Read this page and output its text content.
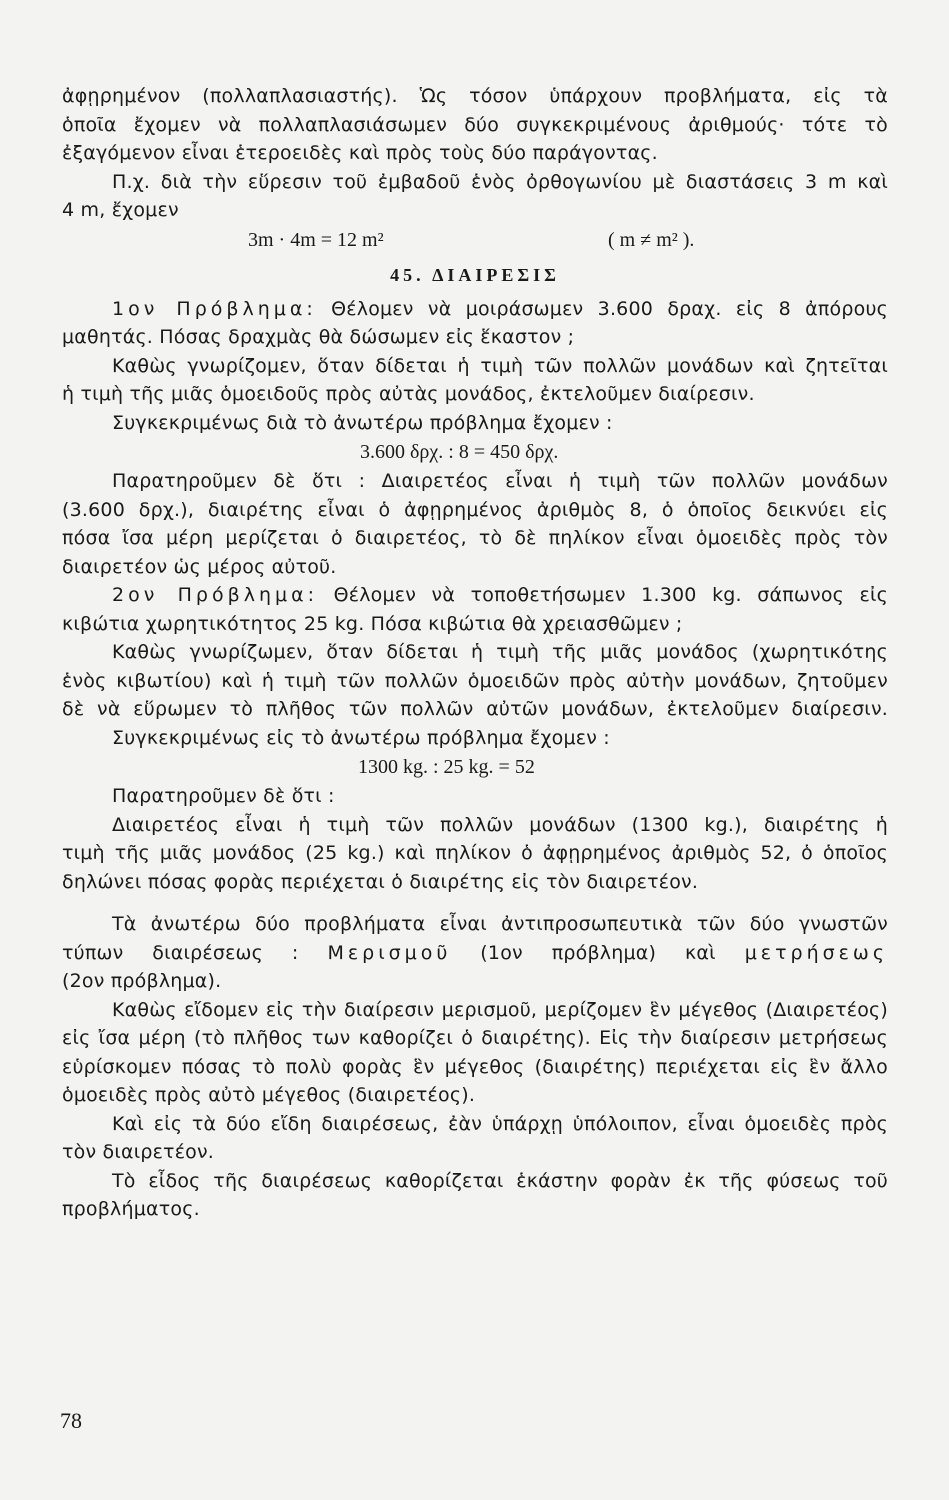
ἀφῃρημένον (πολλαπλασιαστής). Ὡς τόσον ὑπάρχουν προβλήματα, εἰς τὰ
ὁποῖα ἔχομεν νὰ πολλαπλασιάσωμεν δύο συγκεκριμένους ἀριθμούς· τότε τὸ
ἐξαγόμενον εἶναι ἑτεροειδὲς καὶ πρὸς τοὺς δύο παράγοντας.
Π.χ. διὰ τὴν εὕρεσιν τοῦ ἐμβαδοῦ ἑνὸς ὀρθογωνίου μὲ διαστάσεις 3 m καὶ
4 m, ἔχομεν
3m · 4m = 12 m²	( m ≠ m² ).
45. ΔΙΑΙΡΕΣΙΣ
1ον Πρόβλημα: Θέλομεν νὰ μοιράσωμεν 3.600 δραχ. εἰς 8 ἀπόρους
μαθητάς. Πόσας δραχμὰς θὰ δώσωμεν εἰς ἕκαστον ;
Καθὼς γνωρίζομεν, ὅταν δίδεται ἡ τιμὴ τῶν πολλῶν μονάδων καὶ ζητεῖται
ἡ τιμὴ τῆς μιᾶς ὁμοειδοῦς πρὸς αὐτὰς μονάδος, ἐκτελοῦμεν διαίρεσιν.
Συγκεκριμένως διὰ τὸ ἀνωτέρω πρόβλημα ἔχομεν :
3.600 δρχ. : 8 = 450 δρχ.
Παρατηροῦμεν δὲ ὅτι : Διαιρετέος εἶναι ἡ τιμὴ τῶν πολλῶν μονάδων
(3.600 δρχ.), διαιρέτης εἶναι ὁ ἀφῃρημένος ἀριθμὸς 8, ὁ ὁποῖος δεικνύει εἰς
πόσα ἴσα μέρη μερίζεται ὁ διαιρετέος, τὸ δὲ πηλίκον εἶναι ὁμοειδὲς πρὸς τὸν
διαιρετέον ὡς μέρος αὐτοῦ.
2ον Πρόβλημα: Θέλομεν νὰ τοποθετήσωμεν 1.300 kg. σάπωνος εἰς
κιβώτια χωρητικότητος 25 kg. Πόσα κιβώτια θὰ χρειασθῶμεν ;
Καθὼς γνωρίζωμεν, ὅταν δίδεται ἡ τιμὴ τῆς μιᾶς μονάδος (χωρητικότης
ἑνὸς κιβωτίου) καὶ ἡ τιμὴ τῶν πολλῶν ὁμοειδῶν πρὸς αὐτὴν μονάδων, ζητοῦμεν
δὲ νὰ εὕρωμεν τὸ πλῆθος τῶν πολλῶν αὐτῶν μονάδων, ἐκτελοῦμεν διαίρεσιν.
Συγκεκριμένως εἰς τὸ ἀνωτέρω πρόβλημα ἔχομεν :
1300 kg. : 25 kg. = 52
Παρατηροῦμεν δὲ ὅτι :
Διαιρετέος εἶναι ἡ τιμὴ τῶν πολλῶν μονάδων (1300 kg.), διαιρέτης ἡ
τιμὴ τῆς μιᾶς μονάδος (25 kg.) καὶ πηλίκον ὁ ἀφῃρημένος ἀριθμὸς 52, ὁ ὁποῖος
δηλώνει πόσας φορὰς περιέχεται ὁ διαιρέτης εἰς τὸν διαιρετέον.
Τὰ ἀνωτέρω δύο προβλήματα εἶναι ἀντιπροσωπευτικὰ τῶν δύο γνωστῶν
τύπων διαιρέσεως : Μερισμοῦ (1ον πρόβλημα) καὶ μετρήσεως
(2ον πρόβλημα).
Καθὼς εἴδομεν εἰς τὴν διαίρεσιν μερισμοῦ, μερίζομεν ἓν μέγεθος (Διαιρετέος)
εἰς ἴσα μέρη (τὸ πλῆθος των καθορίζει ὁ διαιρέτης). Εἰς τὴν διαίρεσιν μετρήσεως
εὑρίσκομεν πόσας τὸ πολὺ φορὰς ἓν μέγεθος (διαιρέτης) περιέχεται εἰς ἓν ἄλλο
ὁμοειδὲς πρὸς αὐτὸ μέγεθος (διαιρετέος).
Καὶ εἰς τὰ δύο εἴδη διαιρέσεως, ἐὰν ὑπάρχῃ ὑπόλοιπον, εἶναι ὁμοειδὲς πρὸς
τὸν διαιρετέον.
Τὸ εἶδος τῆς διαιρέσεως καθορίζεται ἑκάστην φορὰν ἐκ τῆς φύσεως τοῦ
προβλήματος.
78
